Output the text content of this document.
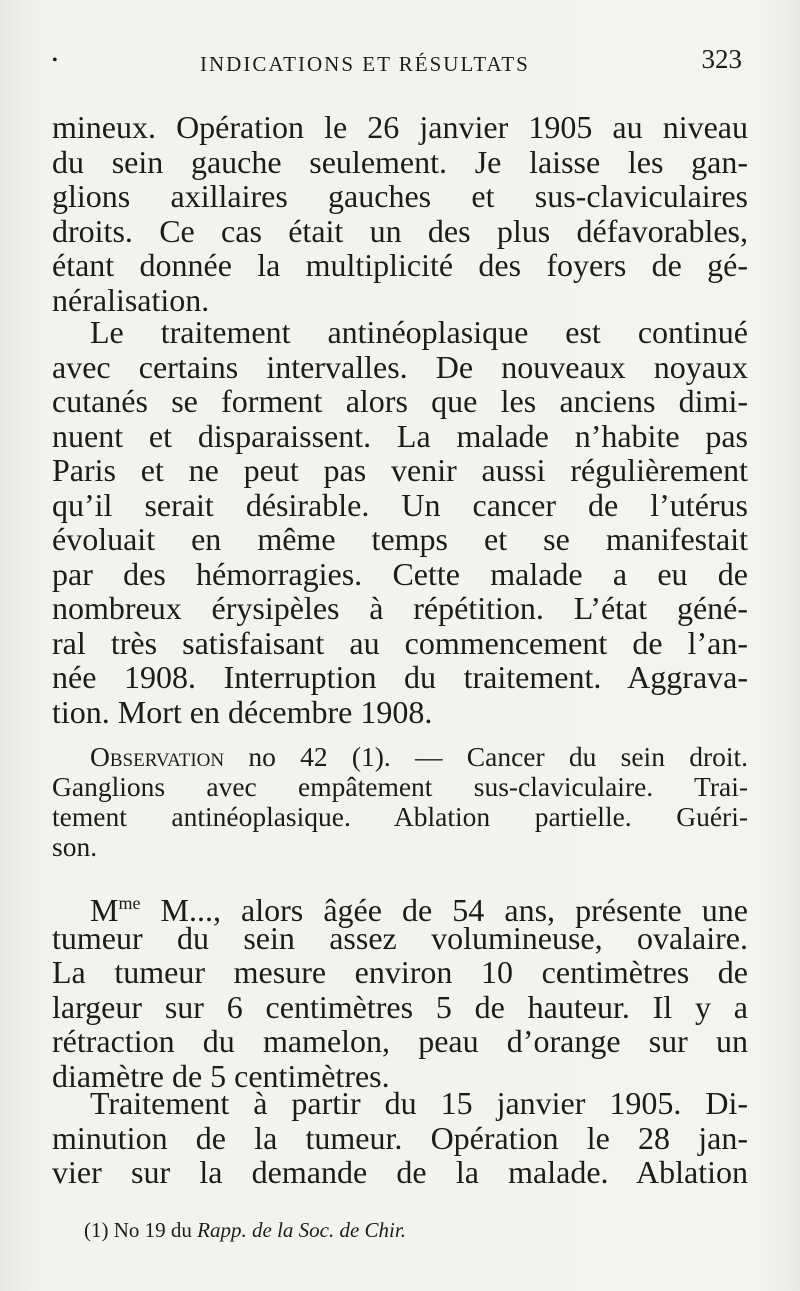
•	INDICATIONS ET RÉSULTATS	323
mineux. Opération le 26 janvier 1905 au niveau
du sein gauche seulement. Je laisse les gan-
glions axillaires gauches et sus-claviculaires
droits. Ce cas était un des plus défavorables,
étant donnée la multiplicité des foyers de gé-
néralisation.
Le traitement antinéoplasique est continué
avec certains intervalles. De nouveaux noyaux
cutanés se forment alors que les anciens dimi-
nuent et disparaissent. La malade n’habite pas
Paris et ne peut pas venir aussi régulièrement
qu’il serait désirable. Un cancer de l’utérus
évoluait en même temps et se manifestait
par des hémorragies. Cette malade a eu de
nombreux érysipèles à répétition. L’état géné-
ral très satisfaisant au commencement de l’an-
née 1908. Interruption du traitement. Aggrava-
tion. Mort en décembre 1908.
Observation no 42 (1). — Cancer du sein droit.
Ganglions avec empâtement sus-claviculaire. Trai-
tement antinéoplasique. Ablation partielle. Guéri-
son.
$M^{me}$ M..., alors âgée de 54 ans, présente une
tumeur du sein assez volumineuse, ovalaire.
La tumeur mesure environ 10 centimètres de
largeur sur 6 centimètres 5 de hauteur. Il y a
rétraction du mamelon, peau d’orange sur un
diamètre de 5 centimètres.
Traitement à partir du 15 janvier 1905. Di-
minution de la tumeur. Opération le 28 jan-
vier sur la demande de la malade. Ablation
(1) No 19 du Rapp. de la Soc. de Chir.
